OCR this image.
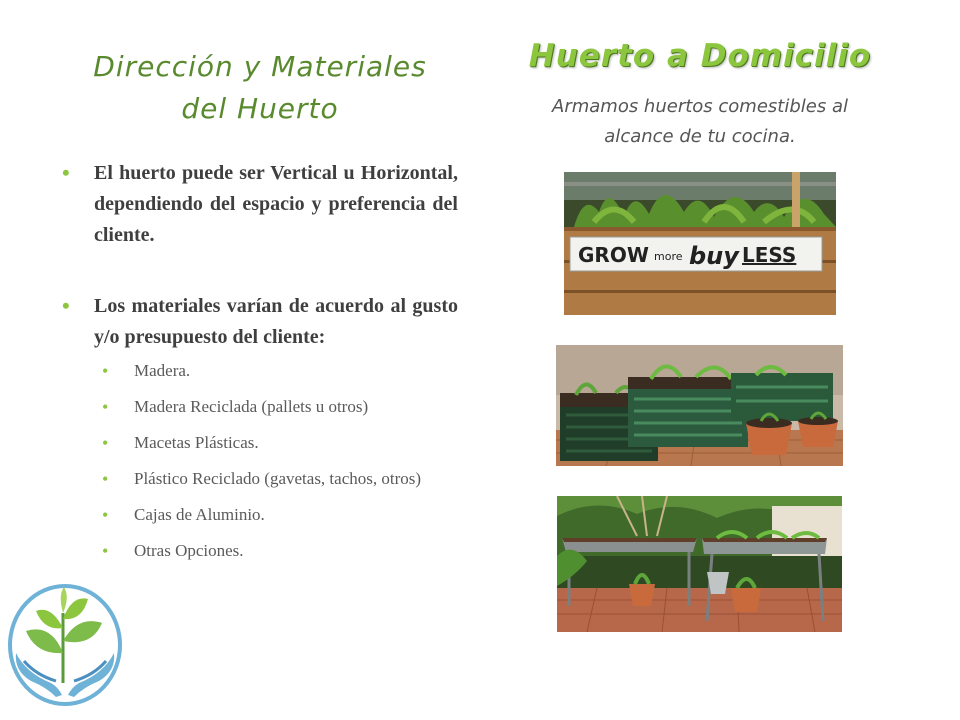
Dirección y Materiales
del Huerto
Huerto a Domicilio
Armamos huertos comestibles al
alcance de tu cocina.
•	El huerto puede ser Vertical u Horizontal, dependiendo del espacio y preferencia del cliente.
•	Los materiales varían de acuerdo al gusto y/o presupuesto del cliente:
•	Madera.
•	Madera Reciclada (pallets u otros)
•	Macetas Plásticas.
•	Plástico Reciclado (gavetas, tachos, otros)
•	Cajas de Aluminio.
•	Otras Opciones.
GROW more buy LESS
